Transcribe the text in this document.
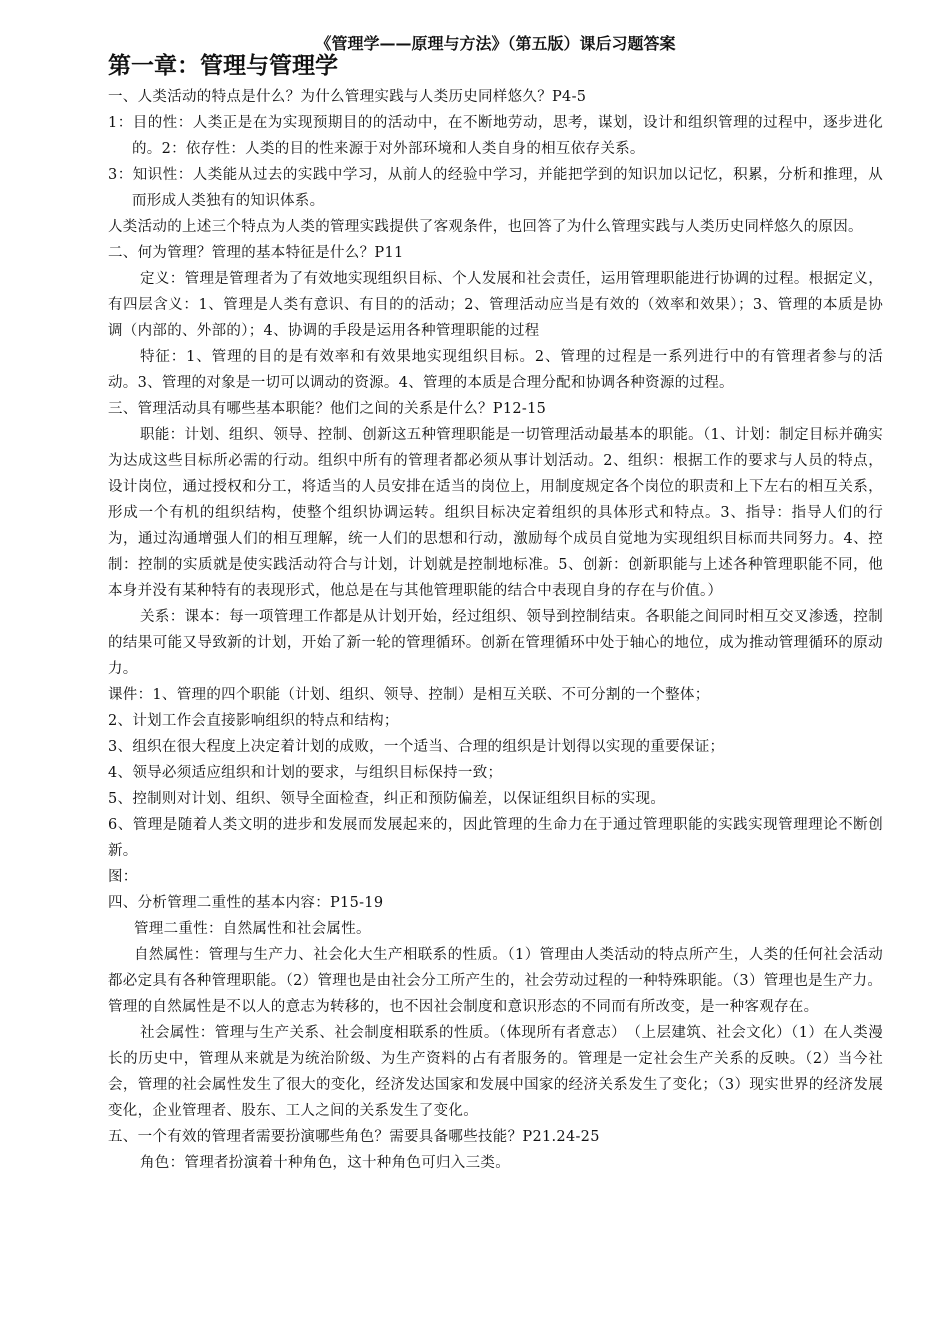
《管理学——原理与方法》（第五版）课后习题答案
第一章：管理与管理学

一、人类活动的特点是什么？为什么管理实践与人类历史同样悠久？P4-5

1：目的性：人类正是在为实现预期目的的活动中，在不断地劳动，思考，谋划，设计和组织管理的过程中，逐步进化的。2：依存性：人类的目的性来源于对外部环境和人类自身的相互依存关系。

3：知识性：人类能从过去的实践中学习，从前人的经验中学习，并能把学到的知识加以记忆，积累，分析和推理，从而形成人类独有的知识体系。

人类活动的上述三个特点为人类的管理实践提供了客观条件，也回答了为什么管理实践与人类历史同样悠久的原因。

二、何为管理？管理的基本特征是什么？P11

定义：管理是管理者为了有效地实现组织目标、个人发展和社会责任，运用管理职能进行协调的过程。根据定义，有四层含义：1、管理是人类有意识、有目的的活动；2、管理活动应当是有效的（效率和效果）；3、管理的本质是协调（内部的、外部的）；4、协调的手段是运用各种管理职能的过程

特征：1、管理的目的是有效率和有效果地实现组织目标。2、管理的过程是一系列进行中的有管理者参与的活动。3、管理的对象是一切可以调动的资源。4、管理的本质是合理分配和协调各种资源的过程。

三、管理活动具有哪些基本职能？他们之间的关系是什么？P12-15

职能：计划、组织、领导、控制、创新这五种管理职能是一切管理活动最基本的职能。（1、计划：制定目标并确实为达成这些目标所必需的行动。组织中所有的管理者都必须从事计划活动。2、组织：根据工作的要求与人员的特点，设计岗位，通过授权和分工，将适当的人员安排在适当的岗位上，用制度规定各个岗位的职责和上下左右的相互关系，形成一个有机的组织结构，使整个组织协调运转。组织目标决定着组织的具体形式和特点。3、指导：指导人们的行为，通过沟通增强人们的相互理解，统一人们的思想和行动，激励每个成员自觉地为实现组织目标而共同努力。4、控制：控制的实质就是使实践活动符合与计划，计划就是控制地标准。5、创新：创新职能与上述各种管理职能不同，他本身并没有某种特有的表现形式，他总是在与其他管理职能的结合中表现自身的存在与价值。）

关系：课本：每一项管理工作都是从计划开始，经过组织、领导到控制结束。各职能之间同时相互交叉渗透，控制的结果可能又导致新的计划，开始了新一轮的管理循环。创新在管理循环中处于轴心的地位，成为推动管理循环的原动力。

课件：1、管理的四个职能（计划、组织、领导、控制）是相互关联、不可分割的一个整体；

2、计划工作会直接影响组织的特点和结构；

3、组织在很大程度上决定着计划的成败，一个适当、合理的组织是计划得以实现的重要保证；

4、领导必须适应组织和计划的要求，与组织目标保持一致；

5、控制则对计划、组织、领导全面检查，纠正和预防偏差，以保证组织目标的实现。

6、管理是随着人类文明的进步和发展而发展起来的，因此管理的生命力在于通过管理职能的实践实现管理理论不断创新。

图：

四、分析管理二重性的基本内容：P15-19

管理二重性：自然属性和社会属性。

自然属性：管理与生产力、社会化大生产相联系的性质。（1）管理由人类活动的特点所产生，人类的任何社会活动都必定具有各种管理职能。（2）管理也是由社会分工所产生的，社会劳动过程的一种特殊职能。（3）管理也是生产力。

管理的自然属性是不以人的意志为转移的，也不因社会制度和意识形态的不同而有所改变，是一种客观存在。

社会属性：管理与生产关系、社会制度相联系的性质。（体现所有者意志）　（上层建筑、社会文化）（1）在人类漫长的历史中，管理从来就是为统治阶级、为生产资料的占有者服务的。管理是一定社会生产关系的反映。（2）当今社会，管理的社会属性发生了很大的变化，经济发达国家和发展中国家的经济关系发生了变化；（3）现实世界的经济发展变化，企业管理者、股东、工人之间的关系发生了变化。

五、一个有效的管理者需要扮演哪些角色？需要具备哪些技能？P21.24-25

角色：管理者扮演着十种角色，这十种角色可归入三类。
